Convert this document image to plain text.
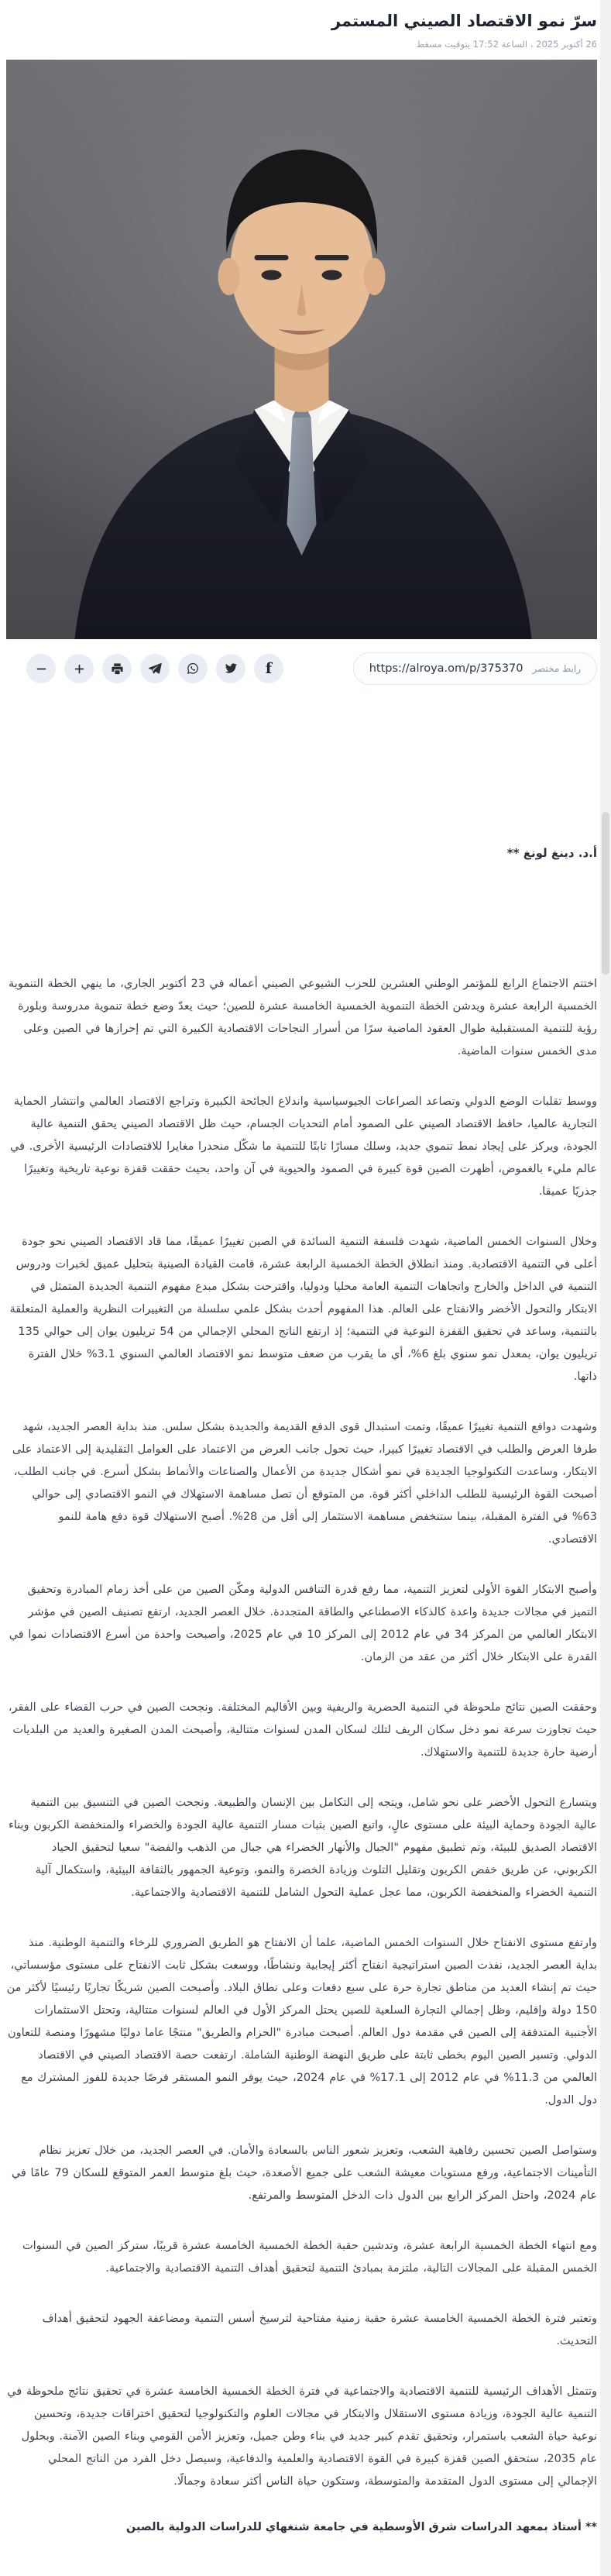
سرّ نمو الاقتصاد الصيني المستمر
26 أكتوبر 2025 ، الساعة 17:52 بتوقيت مسقط
f	رابط مختصر
https://alroya.om/p/375370
أ.د. دينغ لونغ **

اختتم الاجتماع الرابع للمؤتمر الوطني العشرين للحزب الشيوعي الصيني أعماله في 23 أكتوبر الجاري، ما ينهي الخطة التنموية الخمسية الرابعة عشرة ويدشن الخطة التنموية الخمسية الخامسة عشرة للصين؛ حيث يعدّ وضع خطة تنموية مدروسة وبلورة رؤية للتنمية المستقبلية طوال العقود الماضية سرًا من أسرار النجاحات الاقتصادية الكبيرة التي تم إحرازها في الصين وعلى مدى الخمس سنوات الماضية.

ووسط تقلبات الوضع الدولي وتصاعد الصراعات الجيوسياسية واندلاع الجائحة الكبيرة وتراجع الاقتصاد العالمي وانتشار الحماية التجارية عالميا، حافظ الاقتصاد الصيني على الصمود أمام التحديات الجسام، حيث ظل الاقتصاد الصيني يحقق التنمية عالية الجودة، ويركز على إيجاد نمط تنموي جديد، وسلك مسارًا ثابتًا للتنمية ما شكّل منحدرا مغايرا للاقتصادات الرئيسية الأخرى. في عالم مليء بالغموض، أظهرت الصين قوة كبيرة في الصمود والحيوية في آن واحد، بحيث حققت قفزة نوعية تاريخية وتغييرًا جذريًا عميقا.

وخلال السنوات الخمس الماضية، شهدت فلسفة التنمية السائدة في الصين تغييرًا عميقًا، مما قاد الاقتصاد الصيني نحو جودة أعلى في التنمية الاقتصادية. ومنذ انطلاق الخطة الخمسية الرابعة عشرة، قامت القيادة الصينية بتحليل عميق لخبرات ودروس التنمية في الداخل والخارج واتجاهات التنمية العامة محليا ودوليا، واقترحت بشكل مبدع مفهوم التنمية الجديدة المتمثل في الابتكار والتحول الأخضر والانفتاح على العالم. هذا المفهوم أحدث بشكل علمي سلسلة من التغييرات النظرية والعملية المتعلقة بالتنمية، وساعد في تحقيق القفزة النوعية في التنمية؛ إذ ارتفع الناتج المحلي الإجمالي من 54 تريليون يوان إلى حوالي 135 تريليون يوان، بمعدل نمو سنوي بلغ 6%، أي ما يقرب من ضعف متوسط نمو الاقتصاد العالمي السنوي 3.1% خلال الفترة ذاتها.

وشهدت دوافع التنمية تغييرًا عميقًا، وتمت استبدال قوى الدفع القديمة والجديدة بشكل سلس. منذ بداية العصر الجديد، شهد طرفا العرض والطلب في الاقتصاد تغييرًا كبيرا، حيث تحول جانب العرض من الاعتماد على العوامل التقليدية إلى الاعتماد على الابتكار، وساعدت التكنولوجيا الجديدة في نمو أشكال جديدة من الأعمال والصناعات والأنماط بشكل أسرع. في جانب الطلب، أصبحت القوة الرئيسية للطلب الداخلي أكثر قوة. من المتوقع أن تصل مساهمة الاستهلاك في النمو الاقتصادي إلى حوالي 63% في الفترة المقبلة، بينما ستنخفض مساهمة الاستثمار إلى أقل من 28%. أصبح الاستهلاك قوة دفع هامة للنمو الاقتصادي.

وأصبح الابتكار القوة الأولى لتعزيز التنمية، مما رفع قدرة التنافس الدولية ومكّن الصين من على أخذ زمام المبادرة وتحقيق التميز في مجالات جديدة واعدة كالذكاء الاصطناعي والطاقة المتجددة. خلال العصر الجديد، ارتفع تصنيف الصين في مؤشر الابتكار العالمي من المركز 34 في عام 2012 إلى المركز 10 في عام 2025، وأصبحت واحدة من أسرع الاقتصادات نموا في القدرة على الابتكار خلال أكثر من عقد من الزمان.

وحققت الصين نتائج ملحوظة في التنمية الحضرية والريفية وبين الأقاليم المختلفة. ونجحت الصين في حرب القضاء على الفقر، حيث تجاوزت سرعة نمو دخل سكان الريف لتلك لسكان المدن لسنوات متتالية، وأصبحت المدن الصغيرة والعديد من البلديات أرضية حارة جديدة للتنمية والاستهلاك.

ويتسارع التحول الأخضر على نحو شامل، ويتجه إلى التكامل بين الإنسان والطبيعة. ونجحت الصين في التنسيق بين التنمية عالية الجودة وحماية البيئة على مستوى عالٍ، واتبع الصين بثبات مسار التنمية عالية الجودة والخضراء والمنخفضة الكربون وبناء الاقتصاد الصديق للبيئة، وتم تطبيق مفهوم "الجبال والأنهار الخضراء هي جبال من الذهب والفضة" سعيا لتحقيق الحياد الكربوني، عن طريق خفض الكربون وتقليل التلوث وزيادة الخضرة والنمو، وتوعية الجمهور بالثقافة البيئية، واستكمال آلية التنمية الخضراء والمنخفضة الكربون، مما عجل عملية التحول الشامل للتنمية الاقتصادية والاجتماعية.

وارتفع مستوى الانفتاح خلال السنوات الخمس الماضية، علما أن الانفتاح هو الطريق الضروري للرخاء والتنمية الوطنية. منذ بداية العصر الجديد، نفذت الصين استراتيجية انفتاح أكثر إيجابية ونشاطًا، ووسعت بشكل ثابت الانفتاح على مستوى مؤسساتي، حيث تم إنشاء العديد من مناطق تجارة حرة على سبع دفعات وعلى نطاق البلاد. وأصبحت الصين شريكًا تجاريًا رئيسيًا لأكثر من 150 دولة وإقليم، وظل إجمالي التجارة السلعية للصين يحتل المركز الأول في العالم لسنوات متتالية، وتحتل الاستثمارات الأجنبية المتدفقة إلى الصين في مقدمة دول العالم. أصبحت مبادرة "الحزام والطريق" منتجًا عاما دوليًا مشهورًا ومنصة للتعاون الدولي. وتسير الصين اليوم بخطى ثابتة على طريق النهضة الوطنية الشاملة. ارتفعت حصة الاقتصاد الصيني في الاقتصاد العالمي من 11.3% في عام 2012 إلى 17.1% في عام 2024، حيث يوفر النمو المستقر فرصًا جديدة للفوز المشترك مع دول الدول.

وستواصل الصين تحسين رفاهية الشعب، وتعزيز شعور الناس بالسعادة والأمان. في العصر الجديد، من خلال تعزيز نظام التأمينات الاجتماعية، ورفع مستويات معيشة الشعب على جميع الأصعدة، حيث بلغ متوسط العمر المتوقع للسكان 79 عامًا في عام 2024، واحتل المركز الرابع بين الدول ذات الدخل المتوسط والمرتفع.

ومع انتهاء الخطة الخمسية الرابعة عشرة، وتدشين حقبة الخطة الخمسية الخامسة عشرة قريبًا، ستركز الصين في السنوات الخمس المقبلة على المجالات التالية، ملتزمة بمبادئ التنمية لتحقيق أهداف التنمية الاقتصادية والاجتماعية.

وتعتبر فترة الخطة الخمسية الخامسة عشرة حقبة زمنية مفتاحية لترسيخ أسس التنمية ومضاعفة الجهود لتحقيق أهداف التحديث.

وتتمثل الأهداف الرئيسية للتنمية الاقتصادية والاجتماعية في فترة الخطة الخمسية الخامسة عشرة في تحقيق نتائج ملحوظة في التنمية عالية الجودة، وزيادة مستوى الاستقلال والابتكار في مجالات العلوم والتكنولوجيا لتحقيق اختراقات جديدة، وتحسين نوعية حياة الشعب باستمرار، وتحقيق تقدم كبير جديد في بناء وطن جميل، وتعزيز الأمن القومي وبناء الصين الآمنة. وبحلول عام 2035، ستحقق الصين قفزة كبيرة في القوة الاقتصادية والعلمية والدفاعية، وسيصل دخل الفرد من الناتج المحلي الإجمالي إلى مستوى الدول المتقدمة والمتوسطة، وستكون حياة الناس أكثر سعادة وجمالًا.

** أستاذ بمعهد الدراسات شرق الأوسطية في جامعة شنغهاي للدراسات الدولية بالصين
